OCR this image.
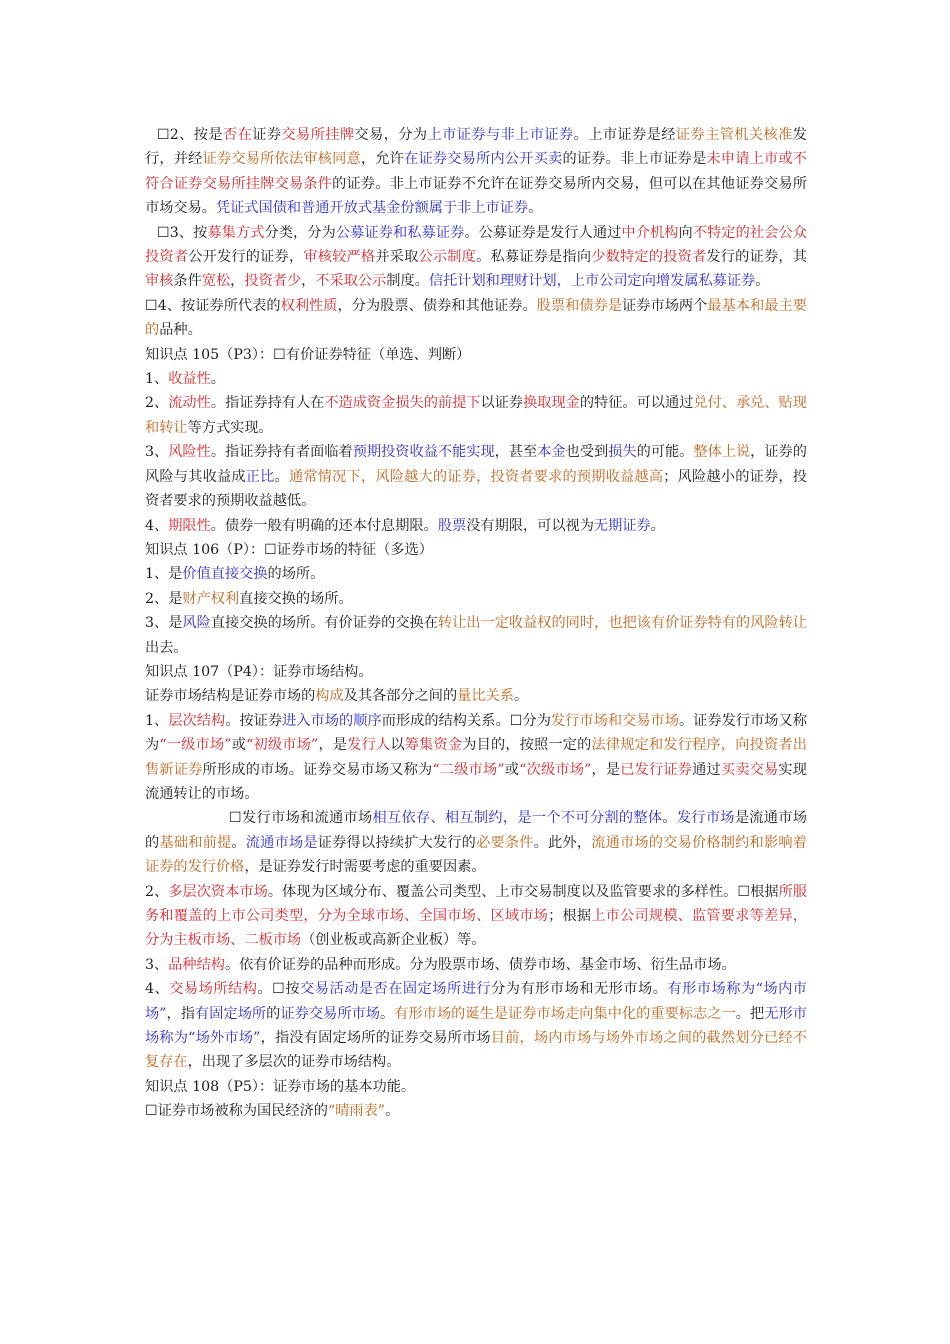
☐2、按是否在证券交易所挂牌交易，分为上市证券与非上市证券。上市证券是经证券主管机关核准发行，并经证券交易所依法审核同意，允许在证券交易所内公开买卖的证券。非上市证券是未申请上市或不符合证券交易所挂牌交易条件的证券。非上市证券不允许在证券交易所内交易，但可以在其他证券交易所市场交易。凭证式国债和普通开放式基金份额属于非上市证券。

☐3、按募集方式分类，分为公募证券和私募证券。公募证券是发行人通过中介机构向不特定的社会公众投资者公开发行的证券，审核较严格并采取公示制度。私募证券是指向少数特定的投资者发行的证券，其审核条件宽松，投资者少，不采取公示制度。信托计划和理财计划，上市公司定向增发属私募证券。

☐4、按证券所代表的权利性质，分为股票、债券和其他证券。股票和债券是证券市场两个最基本和最主要的品种。

知识点 105（P3）：☐有价证券特征（单选、判断）

1、收益性。

2、流动性。指证券持有人在不造成资金损失的前提下以证券换取现金的特征。可以通过兑付、承兑、贴现和转让等方式实现。

3、风险性。指证券持有者面临着预期投资收益不能实现，甚至本金也受到损失的可能。整体上说，证券的风险与其收益成正比。通常情况下，风险越大的证券，投资者要求的预期收益越高；风险越小的证券，投资者要求的预期收益越低。

4、期限性。债券一般有明确的还本付息期限。股票没有期限，可以视为无期证券。

知识点 106（P）：☐证券市场的特征（多选）

1、是价值直接交换的场所。

2、是财产权利直接交换的场所。

3、是风险直接交换的场所。有价证券的交换在转让出一定收益权的同时，也把该有价证券特有的风险转让出去。

知识点 107（P4）：证券市场结构。

证券市场结构是证券市场的构成及其各部分之间的量比关系。

1、层次结构。按证券进入市场的顺序而形成的结构关系。☐分为发行市场和交易市场。证券发行市场又称为“一级市场”或“初级市场”，是发行人以筹集资金为目的，按照一定的法律规定和发行程序，向投资者出售新证券所形成的市场。证券交易市场又称为“二级市场”或“次级市场”，是已发行证券通过买卖交易实现流通转让的市场。

☐发行市场和流通市场相互依存、相互制约，是一个不可分割的整体。发行市场是流通市场的基础和前提。流通市场是证券得以持续扩大发行的必要条件。此外，流通市场的交易价格制约和影响着证券的发行价格，是证券发行时需要考虑的重要因素。

2、多层次资本市场。体现为区域分布、覆盖公司类型、上市交易制度以及监管要求的多样性。☐根据所服务和覆盖的上市公司类型，分为全球市场、全国市场、区域市场；根据上市公司规模、监管要求等差异，分为主板市场、二板市场（创业板或高新企业板）等。

3、品种结构。依有价证券的品种而形成。分为股票市场、债券市场、基金市场、衍生品市场。

4、交易场所结构。☐按交易活动是否在固定场所进行分为有形市场和无形市场。有形市场称为“场内市场”，指有固定场所的证券交易所市场。有形市场的诞生是证券市场走向集中化的重要标志之一。把无形市场称为“场外市场”，指没有固定场所的证券交易所市场目前，场内市场与场外市场之间的截然划分已经不复存在，出现了多层次的证券市场结构。

知识点 108（P5）：证券市场的基本功能。

☐证券市场被称为国民经济的“晴雨表”。
